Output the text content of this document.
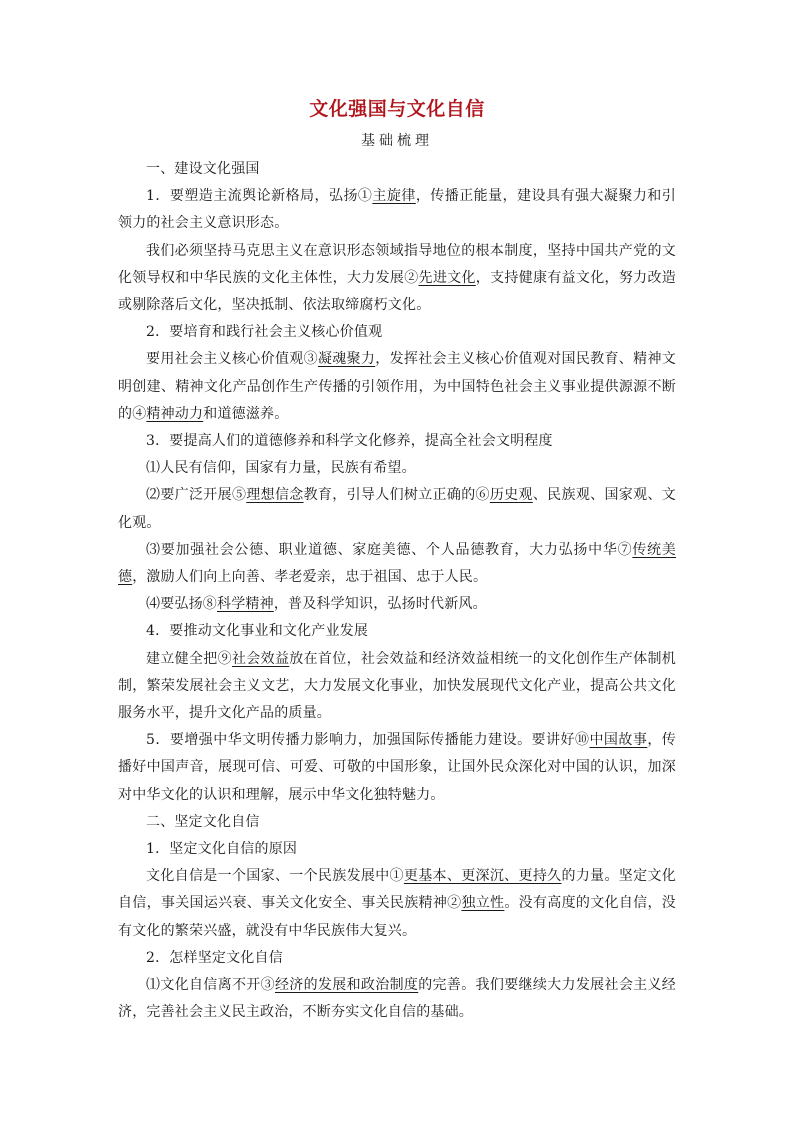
文化强国与文化自信
基础梳理

一、建设文化强国

1．要塑造主流舆论新格局，弘扬①主旋律，传播正能量，建设具有强大凝聚力和引领力的社会主义意识形态。

我们必须坚持马克思主义在意识形态领域指导地位的根本制度，坚持中国共产党的文化领导权和中华民族的文化主体性，大力发展②先进文化，支持健康有益文化，努力改造或剔除落后文化，坚决抵制、依法取缔腐朽文化。

2．要培育和践行社会主义核心价值观

要用社会主义核心价值观③凝魂聚力，发挥社会主义核心价值观对国民教育、精神文明创建、精神文化产品创作生产传播的引领作用，为中国特色社会主义事业提供源源不断的④精神动力和道德滋养。

3．要提高人们的道德修养和科学文化修养，提高全社会文明程度

⑴人民有信仰，国家有力量，民族有希望。

⑵要广泛开展⑤理想信念教育，引导人们树立正确的⑥历史观、民族观、国家观、文化观。

⑶要加强社会公德、职业道德、家庭美德、个人品德教育，大力弘扬中华⑦传统美德，激励人们向上向善、孝老爱亲，忠于祖国、忠于人民。

⑷要弘扬⑧科学精神，普及科学知识，弘扬时代新风。

4．要推动文化事业和文化产业发展

建立健全把⑨社会效益放在首位，社会效益和经济效益相统一的文化创作生产体制机制，繁荣发展社会主义文艺，大力发展文化事业，加快发展现代文化产业，提高公共文化服务水平，提升文化产品的质量。

5．要增强中华文明传播力影响力，加强国际传播能力建设。要讲好⑩中国故事，传播好中国声音，展现可信、可爱、可敬的中国形象，让国外民众深化对中国的认识，加深对中华文化的认识和理解，展示中华文化独特魅力。

二、坚定文化自信

1．坚定文化自信的原因

文化自信是一个国家、一个民族发展中①更基本、更深沉、更持久的力量。坚定文化自信，事关国运兴衰、事关文化安全、事关民族精神②独立性。没有高度的文化自信，没有文化的繁荣兴盛，就没有中华民族伟大复兴。

2．怎样坚定文化自信

⑴文化自信离不开③经济的发展和政治制度的完善。我们要继续大力发展社会主义经济，完善社会主义民主政治，不断夯实文化自信的基础。
